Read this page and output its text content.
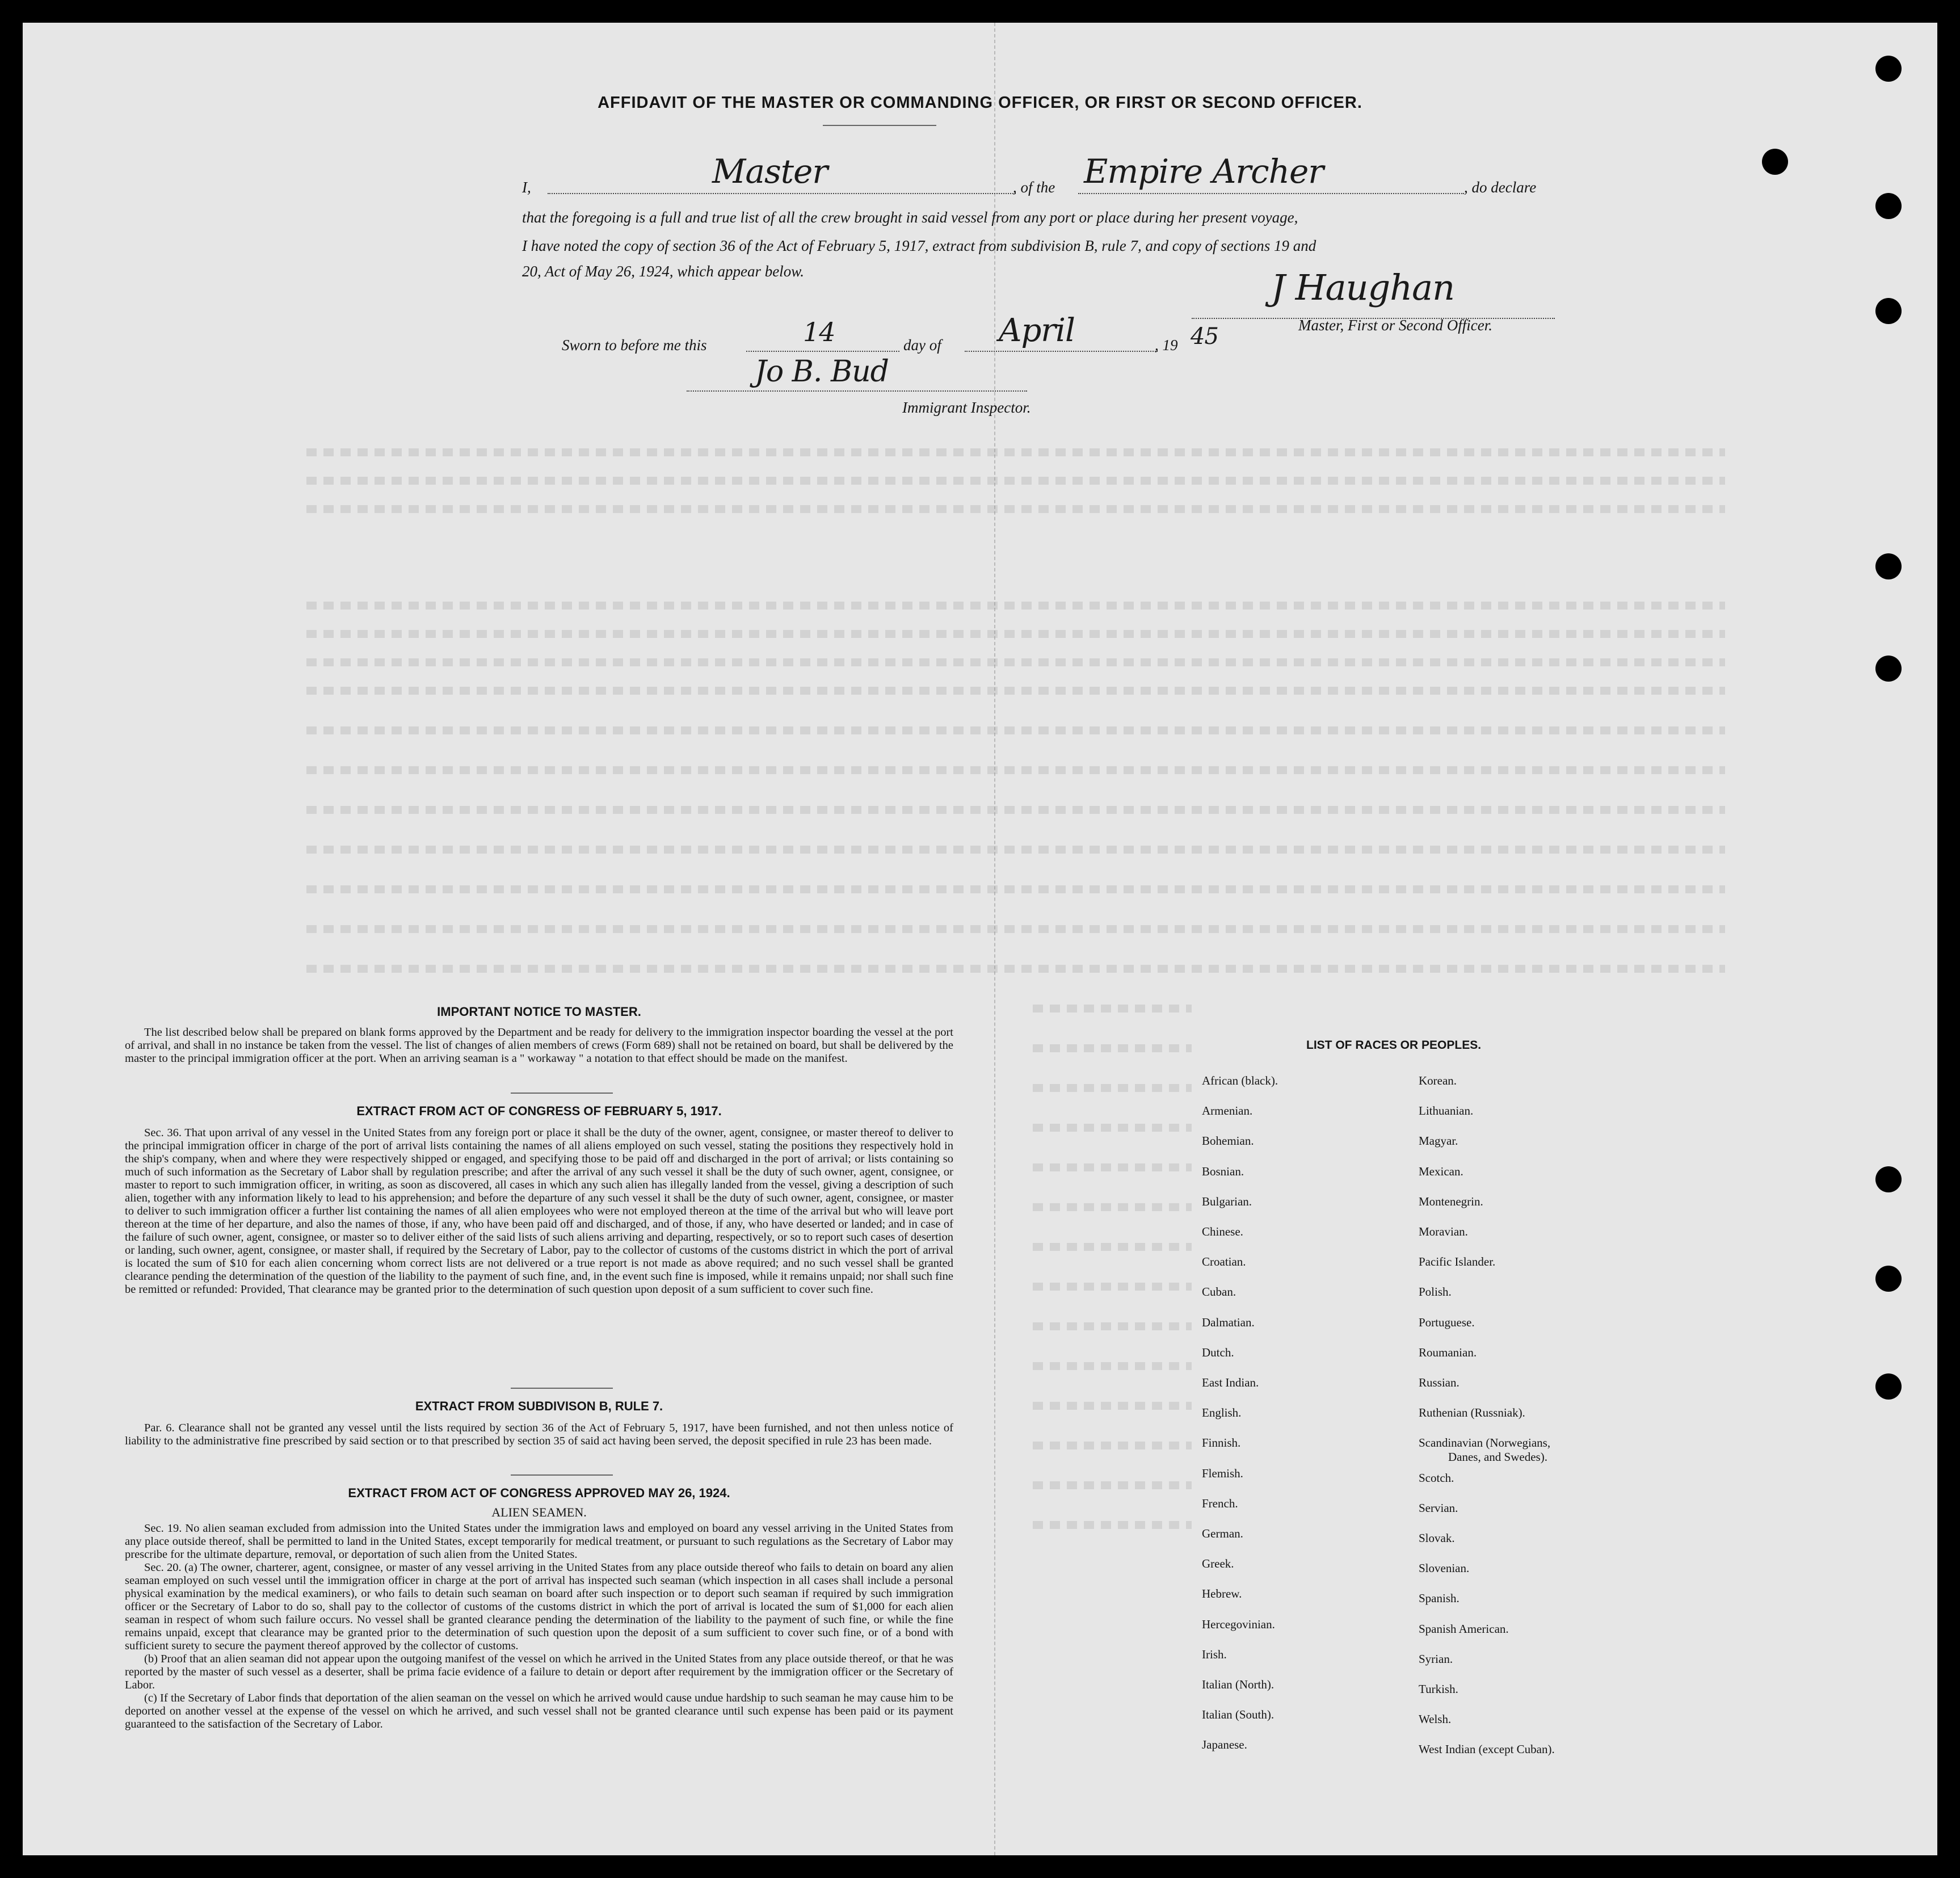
AFFIDAVIT OF THE MASTER OR COMMANDING OFFICER, OR FIRST OR SECOND OFFICER.
I,	Master	, of the Empire Archer	, do declare
that the foregoing is a full and true list of all the crew brought in said vessel from any port or place during her present voyage,
I have noted the copy of section 36 of the Act of February 5, 1917, extract from subdivision B, rule 7, and copy of sections 19 and
20, Act of May 26, 1924, which appear below.	J Haughan
Master, First or Second Officer.
Sworn to before me this	14	day of April	, 19 45
Jo B. Bud
Immigrant Inspector.
IMPORTANT NOTICE TO MASTER.

The list described below shall be prepared on blank forms approved by the Department and be ready for delivery to the immigration inspector boarding the vessel at the port of arrival, and shall in no instance be taken from the vessel. The list of changes of alien members of crews (Form 689) shall not be retained on board, but shall be delivered by the master to the principal immigration officer at the port. When an arriving seaman is a " workaway " a notation to that effect should be made on the manifest.

EXTRACT FROM ACT OF CONGRESS OF FEBRUARY 5, 1917.

Sec. 36. That upon arrival of any vessel in the United States from any foreign port or place it shall be the duty of the owner, agent, consignee, or master thereof to deliver to the principal immigration officer in charge of the port of arrival lists containing the names of all aliens employed on such vessel, stating the positions they respectively hold in the ship's company, when and where they were respectively shipped or engaged, and specifying those to be paid off and discharged in the port of arrival; or lists containing so much of such information as the Secretary of Labor shall by regulation prescribe; and after the arrival of any such vessel it shall be the duty of such owner, agent, consignee, or master to report to such immigration officer, in writing, as soon as discovered, all cases in which any such alien has illegally landed from the vessel, giving a description of such alien, together with any information likely to lead to his apprehension; and before the departure of any such vessel it shall be the duty of such owner, agent, consignee, or master to deliver to such immigration officer a further list containing the names of all alien employees who were not employed thereon at the time of the arrival but who will leave port thereon at the time of her departure, and also the names of those, if any, who have been paid off and discharged, and of those, if any, who have deserted or landed; and in case of the failure of such owner, agent, consignee, or master so to deliver either of the said lists of such aliens arriving and departing, respectively, or so to report such cases of desertion or landing, such owner, agent, consignee, or master shall, if required by the Secretary of Labor, pay to the collector of customs of the customs district in which the port of arrival is located the sum of $10 for each alien concerning whom correct lists are not delivered or a true report is not made as above required; and no such vessel shall be granted clearance pending the determination of the question of the liability to the payment of such fine, and, in the event such fine is imposed, while it remains unpaid; nor shall such fine be remitted or refunded: Provided, That clearance may be granted prior to the determination of such question upon deposit of a sum sufficient to cover such fine.

EXTRACT FROM SUBDIVISON B, RULE 7.

Par. 6. Clearance shall not be granted any vessel until the lists required by section 36 of the Act of February 5, 1917, have been furnished, and not then unless notice of liability to the administrative fine prescribed by said section or to that prescribed by section 35 of said act having been served, the deposit specified in rule 23 has been made.

EXTRACT FROM ACT OF CONGRESS APPROVED MAY 26, 1924.
ALIEN SEAMEN.

Sec. 19. No alien seaman excluded from admission into the United States under the immigration laws and employed on board any vessel arriving in the United States from any place outside thereof, shall be permitted to land in the United States, except temporarily for medical treatment, or pursuant to such regulations as the Secretary of Labor may prescribe for the ultimate departure, removal, or deportation of such alien from the United States.

Sec. 20. (a) The owner, charterer, agent, consignee, or master of any vessel arriving in the United States from any place outside thereof who fails to detain on board any alien seaman employed on such vessel until the immigration officer in charge at the port of arrival has inspected such seaman (which inspection in all cases shall include a personal physical examination by the medical examiners), or who fails to detain such seaman on board after such inspection or to deport such seaman if required by such immigration officer or the Secretary of Labor to do so, shall pay to the collector of customs of the customs district in which the port of arrival is located the sum of $1,000 for each alien seaman in respect of whom such failure occurs. No vessel shall be granted clearance pending the determination of the liability to the payment of such fine, or while the fine remains unpaid, except that clearance may be granted prior to the determination of such question upon the deposit of a sum sufficient to cover such fine, or of a bond with sufficient surety to secure the payment thereof approved by the collector of customs.

(b) Proof that an alien seaman did not appear upon the outgoing manifest of the vessel on which he arrived in the United States from any place outside thereof, or that he was reported by the master of such vessel as a deserter, shall be prima facie evidence of a failure to detain or deport after requirement by the immigration officer or the Secretary of Labor.

(c) If the Secretary of Labor finds that deportation of the alien seaman on the vessel on which he arrived would cause undue hardship to such seaman he may cause him to be deported on another vessel at the expense of the vessel on which he arrived, and such vessel shall not be granted clearance until such expense has been paid or its payment guaranteed to the satisfaction of the Secretary of Labor.

LIST OF RACES OR PEOPLES.
African (black).
Armenian.
Bohemian.
Bosnian.
Bulgarian.
Chinese.
Croatian.
Cuban.
Dalmatian.
Dutch.
East Indian.
English.
Finnish.
Flemish.
French.
German.
Greek.
Hebrew.
Hercegovinian.
Irish.
Italian (North).
Italian (South).
Japanese.
Korean.
Lithuanian.
Magyar.
Mexican.
Montenegrin.
Moravian.
Pacific Islander.
Polish.
Portuguese.
Roumanian.
Russian.
Ruthenian (Russniak).
Scandinavian (Norwegians,
Danes, and Swedes).
Scotch.
Servian.
Slovak.
Slovenian.
Spanish.
Spanish American.
Syrian.
Turkish.
Welsh.
West Indian (except Cuban).
